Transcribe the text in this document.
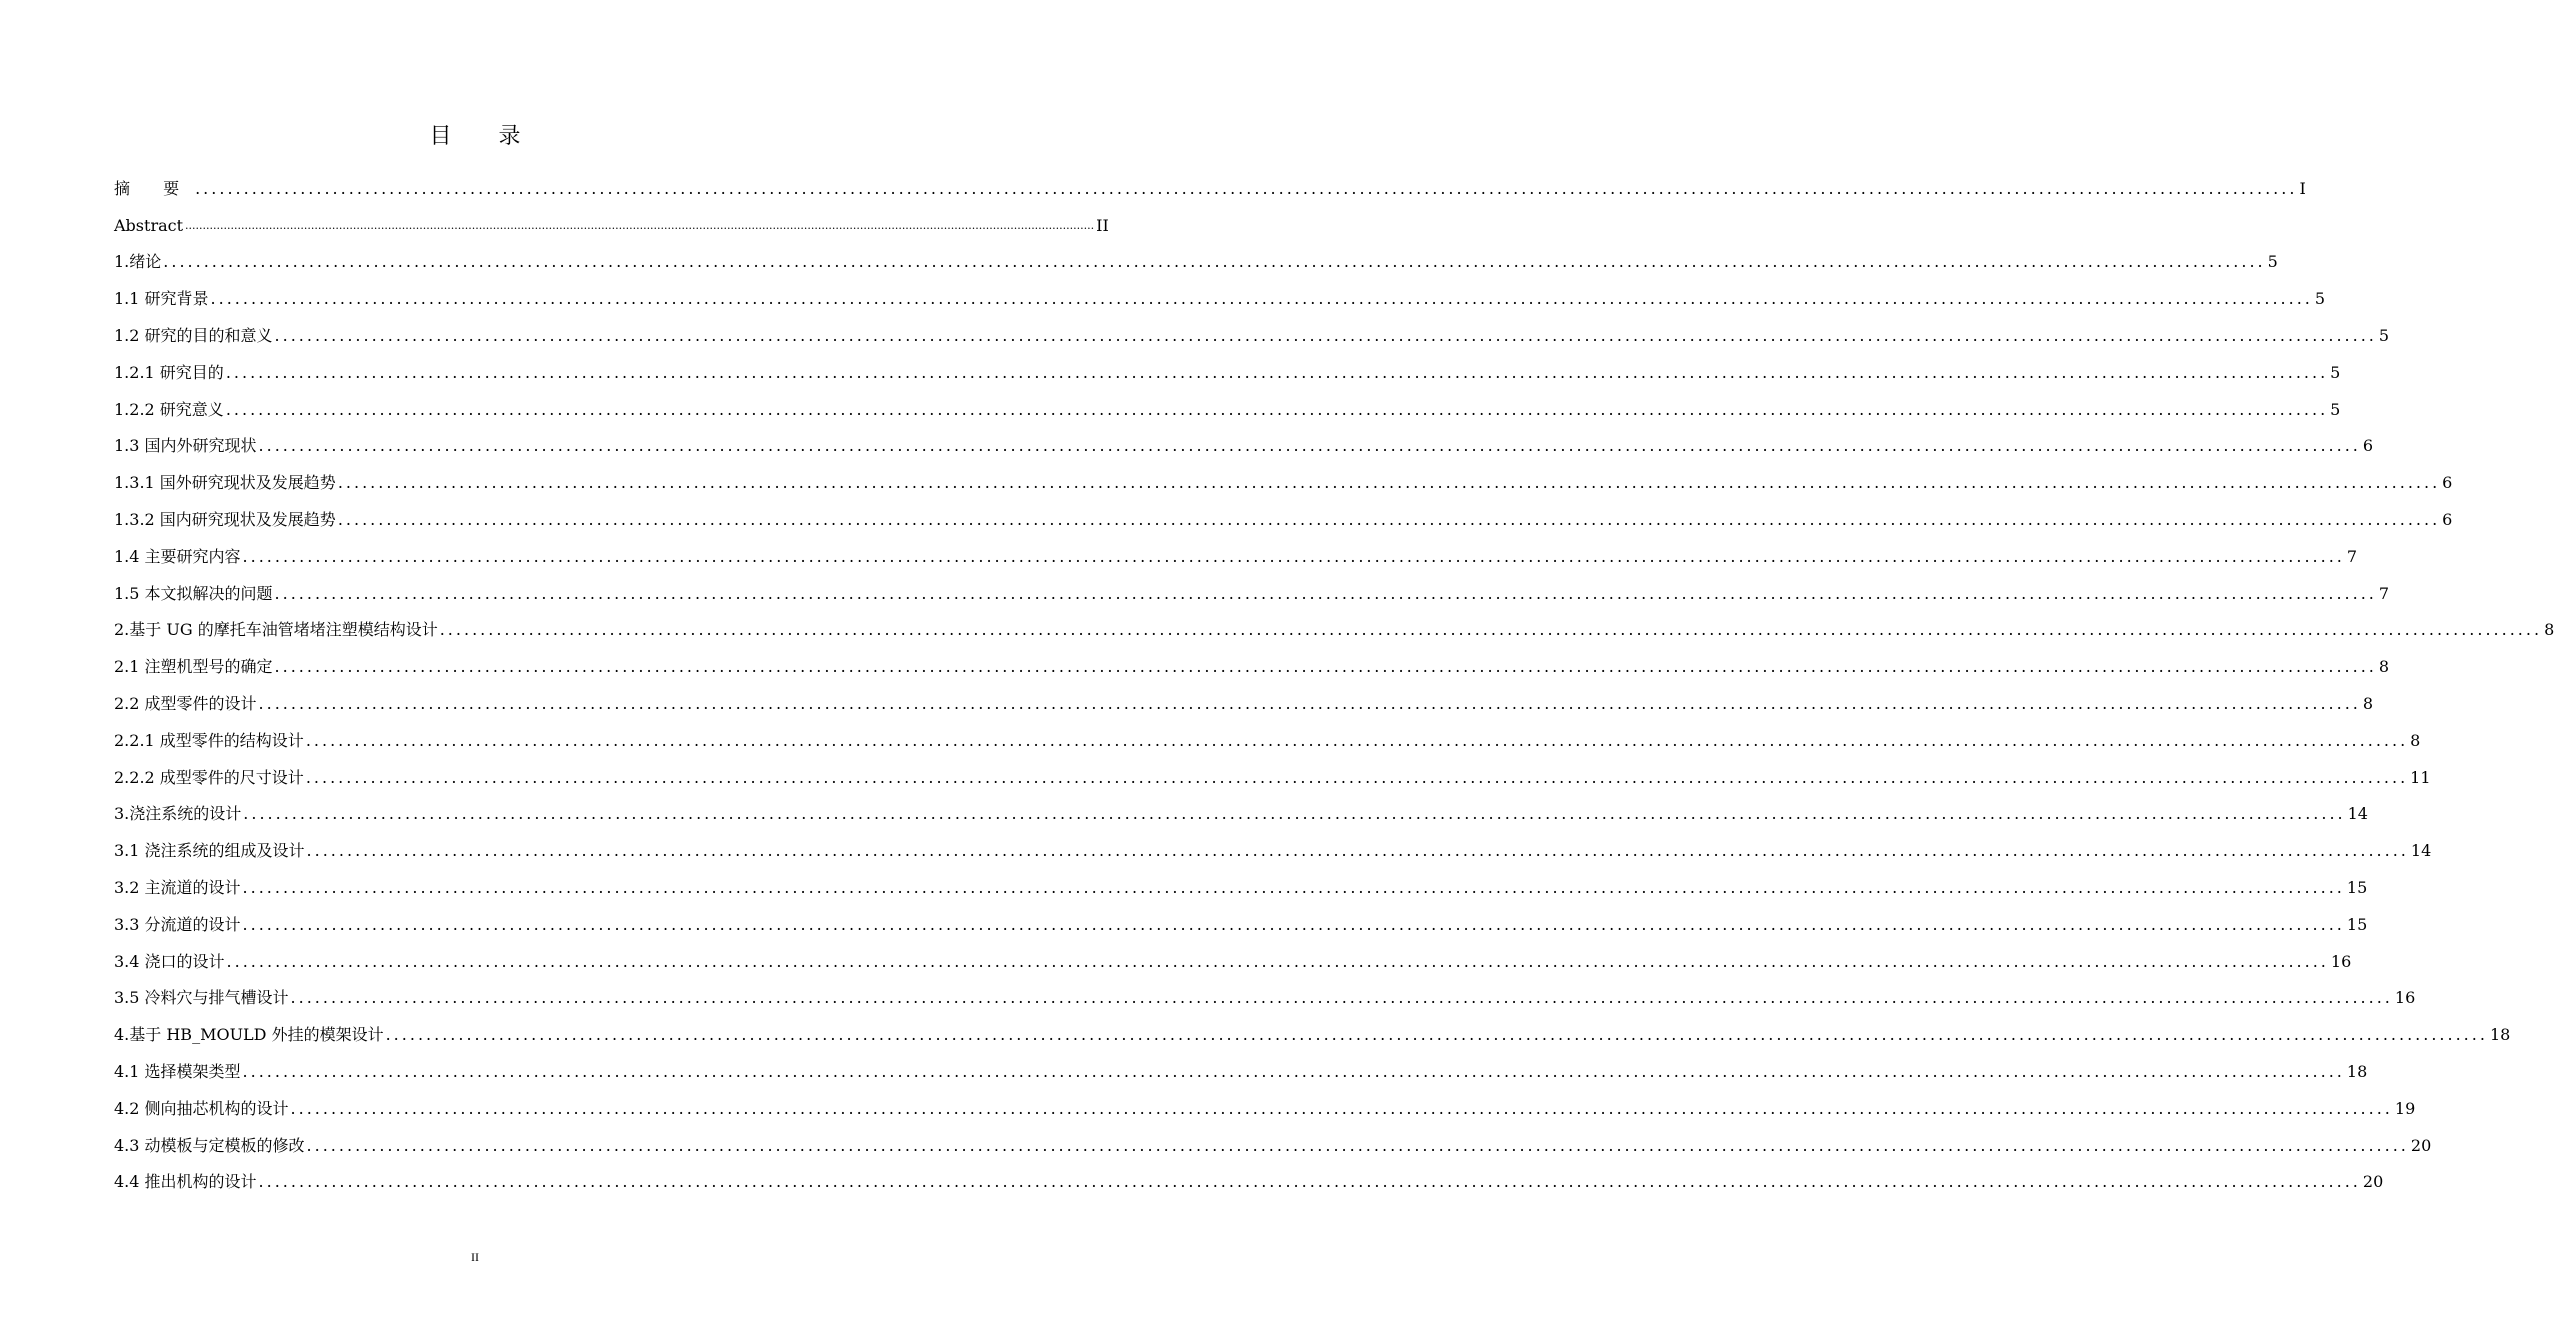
目 录
摘 要 .................................................................................................................................................................................................................................................................... I
Abstract .................................................................................................................................................................................................................................................................... II
1.绪论 .................................................................................................................................................................................................................................................................... 5
1.1 研究背景 .................................................................................................................................................................................................................................................................... 5
1.2 研究的目的和意义 .................................................................................................................................................................................................................................................................... 5
1.2.1 研究目的 .................................................................................................................................................................................................................................................................... 5
1.2.2 研究意义 .................................................................................................................................................................................................................................................................... 5
1.3 国内外研究现状 .................................................................................................................................................................................................................................................................... 6
1.3.1 国外研究现状及发展趋势 .................................................................................................................................................................................................................................................................... 6
1.3.2 国内研究现状及发展趋势 .................................................................................................................................................................................................................................................................... 6
1.4 主要研究内容 .................................................................................................................................................................................................................................................................... 7
1.5 本文拟解决的问题 .................................................................................................................................................................................................................................................................... 7
2.基于 UG 的摩托车油管堵堵注塑模结构设计 .................................................................................................................................................................................................................................................................... 8
2.1 注塑机型号的确定 .................................................................................................................................................................................................................................................................... 8
2.2 成型零件的设计 .................................................................................................................................................................................................................................................................... 8
2.2.1 成型零件的结构设计 .................................................................................................................................................................................................................................................................... 8
2.2.2 成型零件的尺寸设计 .................................................................................................................................................................................................................................................................... 11
3.浇注系统的设计 .................................................................................................................................................................................................................................................................... 14
3.1 浇注系统的组成及设计 .................................................................................................................................................................................................................................................................... 14
3.2 主流道的设计 .................................................................................................................................................................................................................................................................... 15
3.3 分流道的设计 .................................................................................................................................................................................................................................................................... 15
3.4 浇口的设计 .................................................................................................................................................................................................................................................................... 16
3.5 冷料穴与排气槽设计 .................................................................................................................................................................................................................................................................... 16
4.基于 HB_MOULD 外挂的模架设计 .................................................................................................................................................................................................................................................................... 18
4.1 选择模架类型 .................................................................................................................................................................................................................................................................... 18
4.2 侧向抽芯机构的设计 .................................................................................................................................................................................................................................................................... 19
4.3 动模板与定模板的修改 .................................................................................................................................................................................................................................................................... 20
4.4 推出机构的设计 .................................................................................................................................................................................................................................................................... 20
II
